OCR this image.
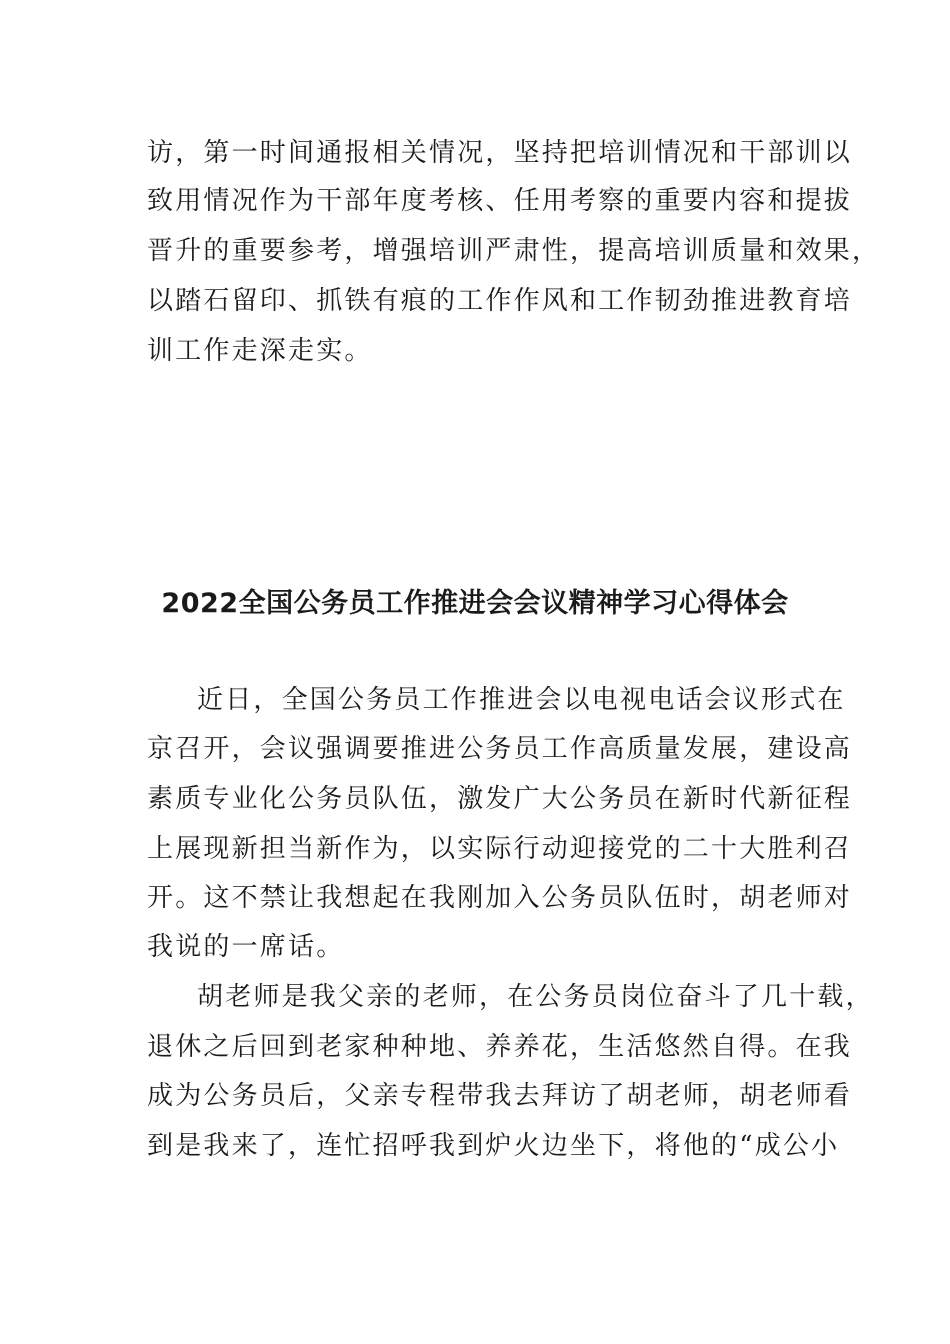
访，第一时间通报相关情况，坚持把培训情况和干部训以
致用情况作为干部年度考核、任用考察的重要内容和提拔
晋升的重要参考，增强培训严肃性，提高培训质量和效果，
以踏石留印、抓铁有痕的工作作风和工作韧劲推进教育培
训工作走深走实。
2022全国公务员工作推进会会议精神学习心得体会
近日，全国公务员工作推进会以电视电话会议形式在
京召开，会议强调要推进公务员工作高质量发展，建设高
素质专业化公务员队伍，激发广大公务员在新时代新征程
上展现新担当新作为，以实际行动迎接党的二十大胜利召
开。这不禁让我想起在我刚加入公务员队伍时，胡老师对
我说的一席话。
胡老师是我父亲的老师，在公务员岗位奋斗了几十载，
退休之后回到老家种种地、养养花，生活悠然自得。在我
成为公务员后，父亲专程带我去拜访了胡老师，胡老师看
到是我来了，连忙招呼我到炉火边坐下，将他的“成公小
